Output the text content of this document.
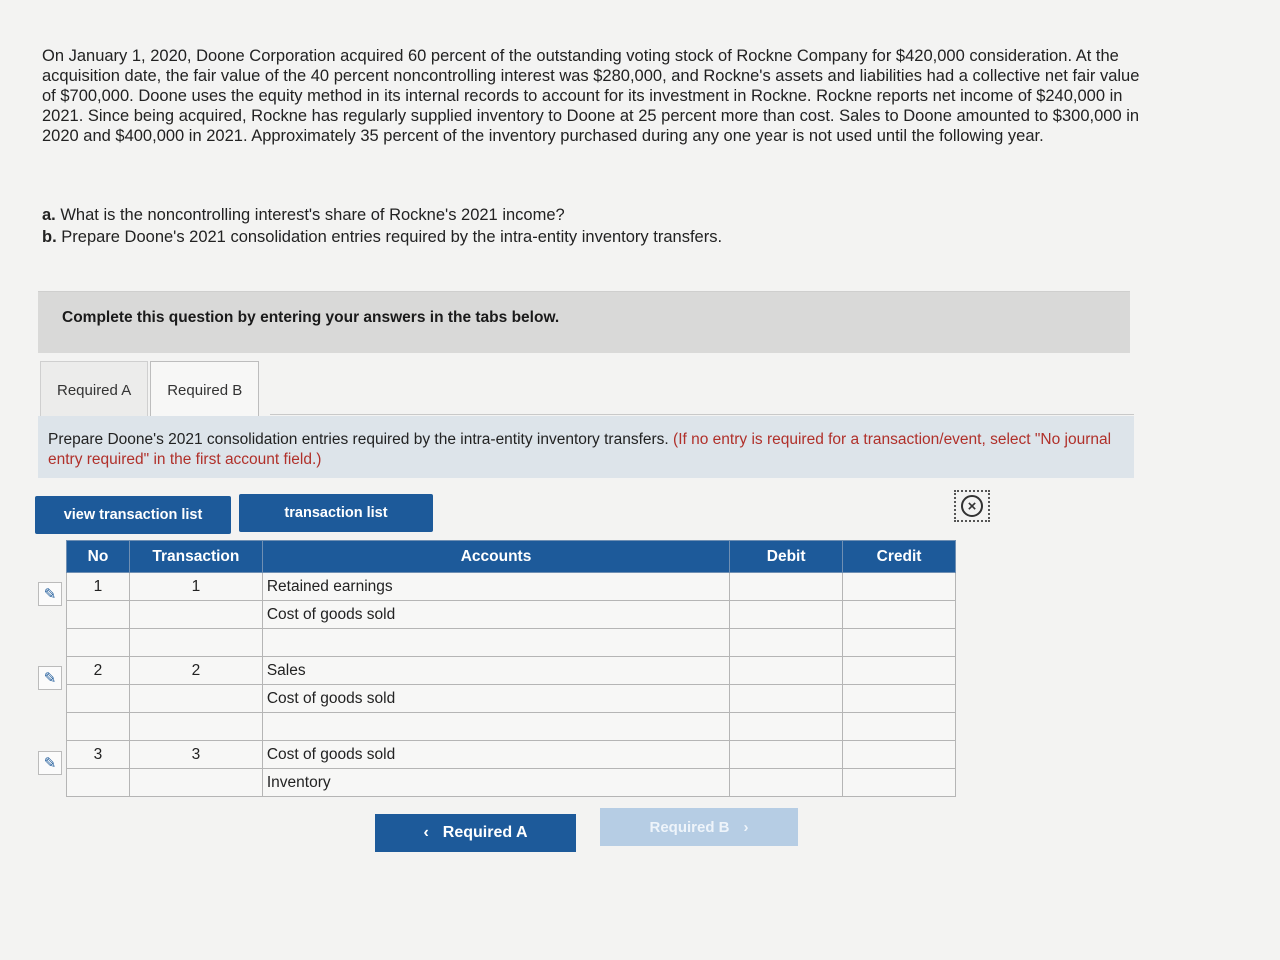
On January 1, 2020, Doone Corporation acquired 60 percent of the outstanding voting stock of Rockne Company for $420,000 consideration. At the acquisition date, the fair value of the 40 percent noncontrolling interest was $280,000, and Rockne's assets and liabilities had a collective net fair value of $700,000. Doone uses the equity method in its internal records to account for its investment in Rockne. Rockne reports net income of $240,000 in 2021. Since being acquired, Rockne has regularly supplied inventory to Doone at 25 percent more than cost. Sales to Doone amounted to $300,000 in 2020 and $400,000 in 2021. Approximately 35 percent of the inventory purchased during any one year is not used until the following year.
a. What is the noncontrolling interest's share of Rockne's 2021 income?
b. Prepare Doone's 2021 consolidation entries required by the intra-entity inventory transfers.
Complete this question by entering your answers in the tabs below.
Required A	Required B
Prepare Doone's 2021 consolidation entries required by the intra-entity inventory transfers. (If no entry is required for a transaction/event, select "No journal entry required" in the first account field.)
view transaction list	transaction list	×
✎
✎
✎
No	Transaction	Accounts	Debit	Credit
1	1	Retained earnings		
		Cost of goods sold		

2	2	Sales		
		Cost of goods sold		

3	3	Cost of goods sold		
		Inventory		
‹ Required A	Required B ›
